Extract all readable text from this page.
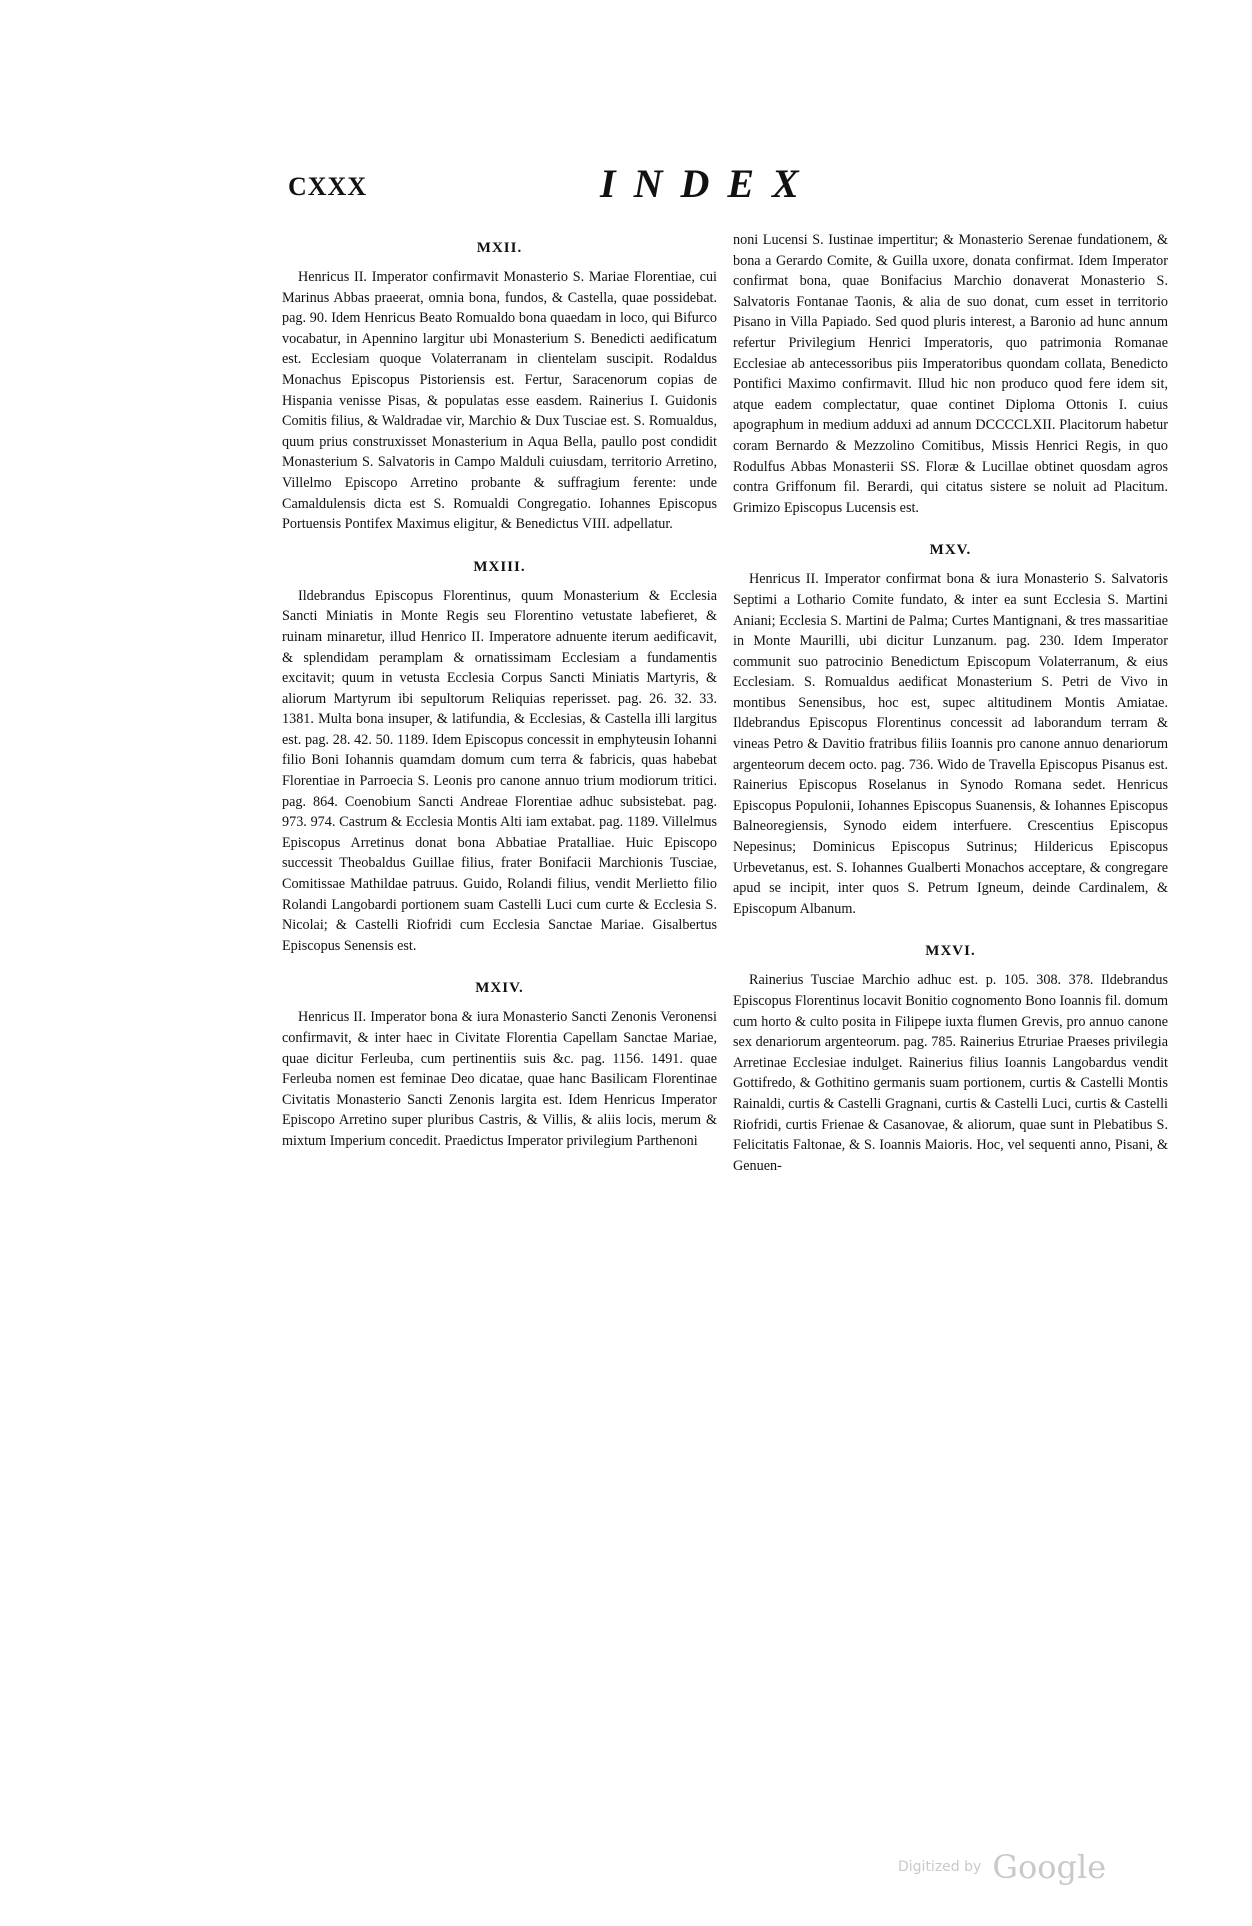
CXXX	INDEX
MXII.

Henricus II. Imperator confirmavit Monasterio S. Mariae Florentiae, cui Marinus Abbas praeerat, omnia bona, fundos, & Castella, quae possidebat. pag. 90. Idem Henricus Beato Romualdo bona quaedam in loco, qui Bifurco vocabatur, in Apennino largitur ubi Monasterium S. Benedicti aedificatum est. Ecclesiam quoque Volaterranam in clientelam suscipit. Rodaldus Monachus Episcopus Pistoriensis est. Fertur, Saracenorum copias de Hispania venisse Pisas, & populatas esse easdem. Rainerius I. Guidonis Comitis filius, & Waldradae vir, Marchio & Dux Tusciae est. S. Romualdus, quum prius construxisset Monasterium in Aqua Bella, paullo post condidit Monasterium S. Salvatoris in Campo Malduli cuiusdam, territorio Arretino, Villelmo Episcopo Arretino probante & suffragium ferente: unde Camaldulensis dicta est S. Romualdi Congregatio. Iohannes Episcopus Portuensis Pontifex Maximus eligitur, & Benedictus VIII. adpellatur.

MXIII.

Ildebrandus Episcopus Florentinus, quum Monasterium & Ecclesia Sancti Miniatis in Monte Regis seu Florentino vetustate labefieret, & ruinam minaretur, illud Henrico II. Imperatore adnuente iterum aedificavit, & splendidam peramplam & ornatissimam Ecclesiam a fundamentis excitavit; quum in vetusta Ecclesia Corpus Sancti Miniatis Martyris, & aliorum Martyrum ibi sepultorum Reliquias reperisset. pag. 26. 32. 33. 1381. Multa bona insuper, & latifundia, & Ecclesias, & Castella illi largitus est. pag. 28. 42. 50. 1189. Idem Episcopus concessit in emphyteusin Iohanni filio Boni Iohannis quamdam domum cum terra & fabricis, quas habebat Florentiae in Parroecia S. Leonis pro canone annuo trium modiorum tritici. pag. 864. Coenobium Sancti Andreae Florentiae adhuc subsistebat. pag. 973. 974. Castrum & Ecclesia Montis Alti iam extabat. pag. 1189. Villelmus Episcopus Arretinus donat bona Abbatiae Pratalliae. Huic Episcopo successit Theobaldus Guillae filius, frater Bonifacii Marchionis Tusciae, Comitissae Mathildae patruus. Guido, Rolandi filius, vendit Merlietto filio Rolandi Langobardi portionem suam Castelli Luci cum curte & Ecclesia S. Nicolai; & Castelli Riofridi cum Ecclesia Sanctae Mariae. Gisalbertus Episcopus Senensis est.

MXIV.

Henricus II. Imperator bona & iura Monasterio Sancti Zenonis Veronensi confirmavit, & inter haec in Civitate Florentia Capellam Sanctae Mariae, quae dicitur Ferleuba, cum pertinentiis suis &c. pag. 1156. 1491. quae Ferleuba nomen est feminae Deo dicatae, quae hanc Basilicam Florentinae Civitatis Monasterio Sancti Zenonis largita est. Idem Henricus Imperator Episcopo Arretino super pluribus Castris, & Villis, & aliis locis, merum & mixtum Imperium concedit. Praedictus Imperator privilegium Parthenoni

noni Lucensi S. Iustinae impertitur; & Monasterio Serenae fundationem, & bona a Gerardo Comite, & Guilla uxore, donata confirmat. Idem Imperator confirmat bona, quae Bonifacius Marchio donaverat Monasterio S. Salvatoris Fontanae Taonis, & alia de suo donat, cum esset in territorio Pisano in Villa Papiado. Sed quod pluris interest, a Baronio ad hunc annum refertur Privilegium Henrici Imperatoris, quo patrimonia Romanae Ecclesiae ab antecessoribus piis Imperatoribus quondam collata, Benedicto Pontifici Maximo confirmavit. Illud hic non produco quod fere idem sit, atque eadem complectatur, quae continet Diploma Ottonis I. cuius apographum in medium adduxi ad annum DCCCCLXII. Placitorum habetur coram Bernardo & Mezzolino Comitibus, Missis Henrici Regis, in quo Rodulfus Abbas Monasterii SS. Floræ & Lucillae obtinet quosdam agros contra Griffonum fil. Berardi, qui citatus sistere se noluit ad Placitum. Grimizo Episcopus Lucensis est.

MXV.

Henricus II. Imperator confirmat bona & iura Monasterio S. Salvatoris Septimi a Lothario Comite fundato, & inter ea sunt Ecclesia S. Martini Aniani; Ecclesia S. Martini de Palma; Curtes Mantignani, & tres massaritiae in Monte Maurilli, ubi dicitur Lunzanum. pag. 230. Idem Imperator communit suo patrocinio Benedictum Episcopum Volaterranum, & eius Ecclesiam. S. Romualdus aedificat Monasterium S. Petri de Vivo in montibus Senensibus, hoc est, supec altitudinem Montis Amiatae. Ildebrandus Episcopus Florentinus concessit ad laborandum terram & vineas Petro & Davitio fratribus filiis Ioannis pro canone annuo denariorum argenteorum decem octo. pag. 736. Wido de Travella Episcopus Pisanus est. Rainerius Episcopus Roselanus in Synodo Romana sedet. Henricus Episcopus Populonii, Iohannes Episcopus Suanensis, & Iohannes Episcopus Balneoregiensis, Synodo eidem interfuere. Crescentius Episcopus Nepesinus; Dominicus Episcopus Sutrinus; Hildericus Episcopus Urbevetanus, est. S. Iohannes Gualberti Monachos acceptare, & congregare apud se incipit, inter quos S. Petrum Igneum, deinde Cardinalem, & Episcopum Albanum.

MXVI.

Rainerius Tusciae Marchio adhuc est. p. 105. 308. 378. Ildebrandus Episcopus Florentinus locavit Bonitio cognomento Bono Ioannis fil. domum cum horto & culto posita in Filipepe iuxta flumen Grevis, pro annuo canone sex denariorum argenteorum. pag. 785. Rainerius Etruriae Praeses privilegia Arretinae Ecclesiae indulget. Rainerius filius Ioannis Langobardus vendit Gottifredo, & Gothitino germanis suam portionem, curtis & Castelli Montis Rainaldi, curtis & Castelli Gragnani, curtis & Castelli Luci, curtis & Castelli Riofridi, curtis Frienae & Casanovae, & aliorum, quae sunt in Plebatibus S. Felicitatis Faltonae, & S. Ioannis Maioris. Hoc, vel sequenti anno, Pisani, & Genuen-

Digitized by Google
